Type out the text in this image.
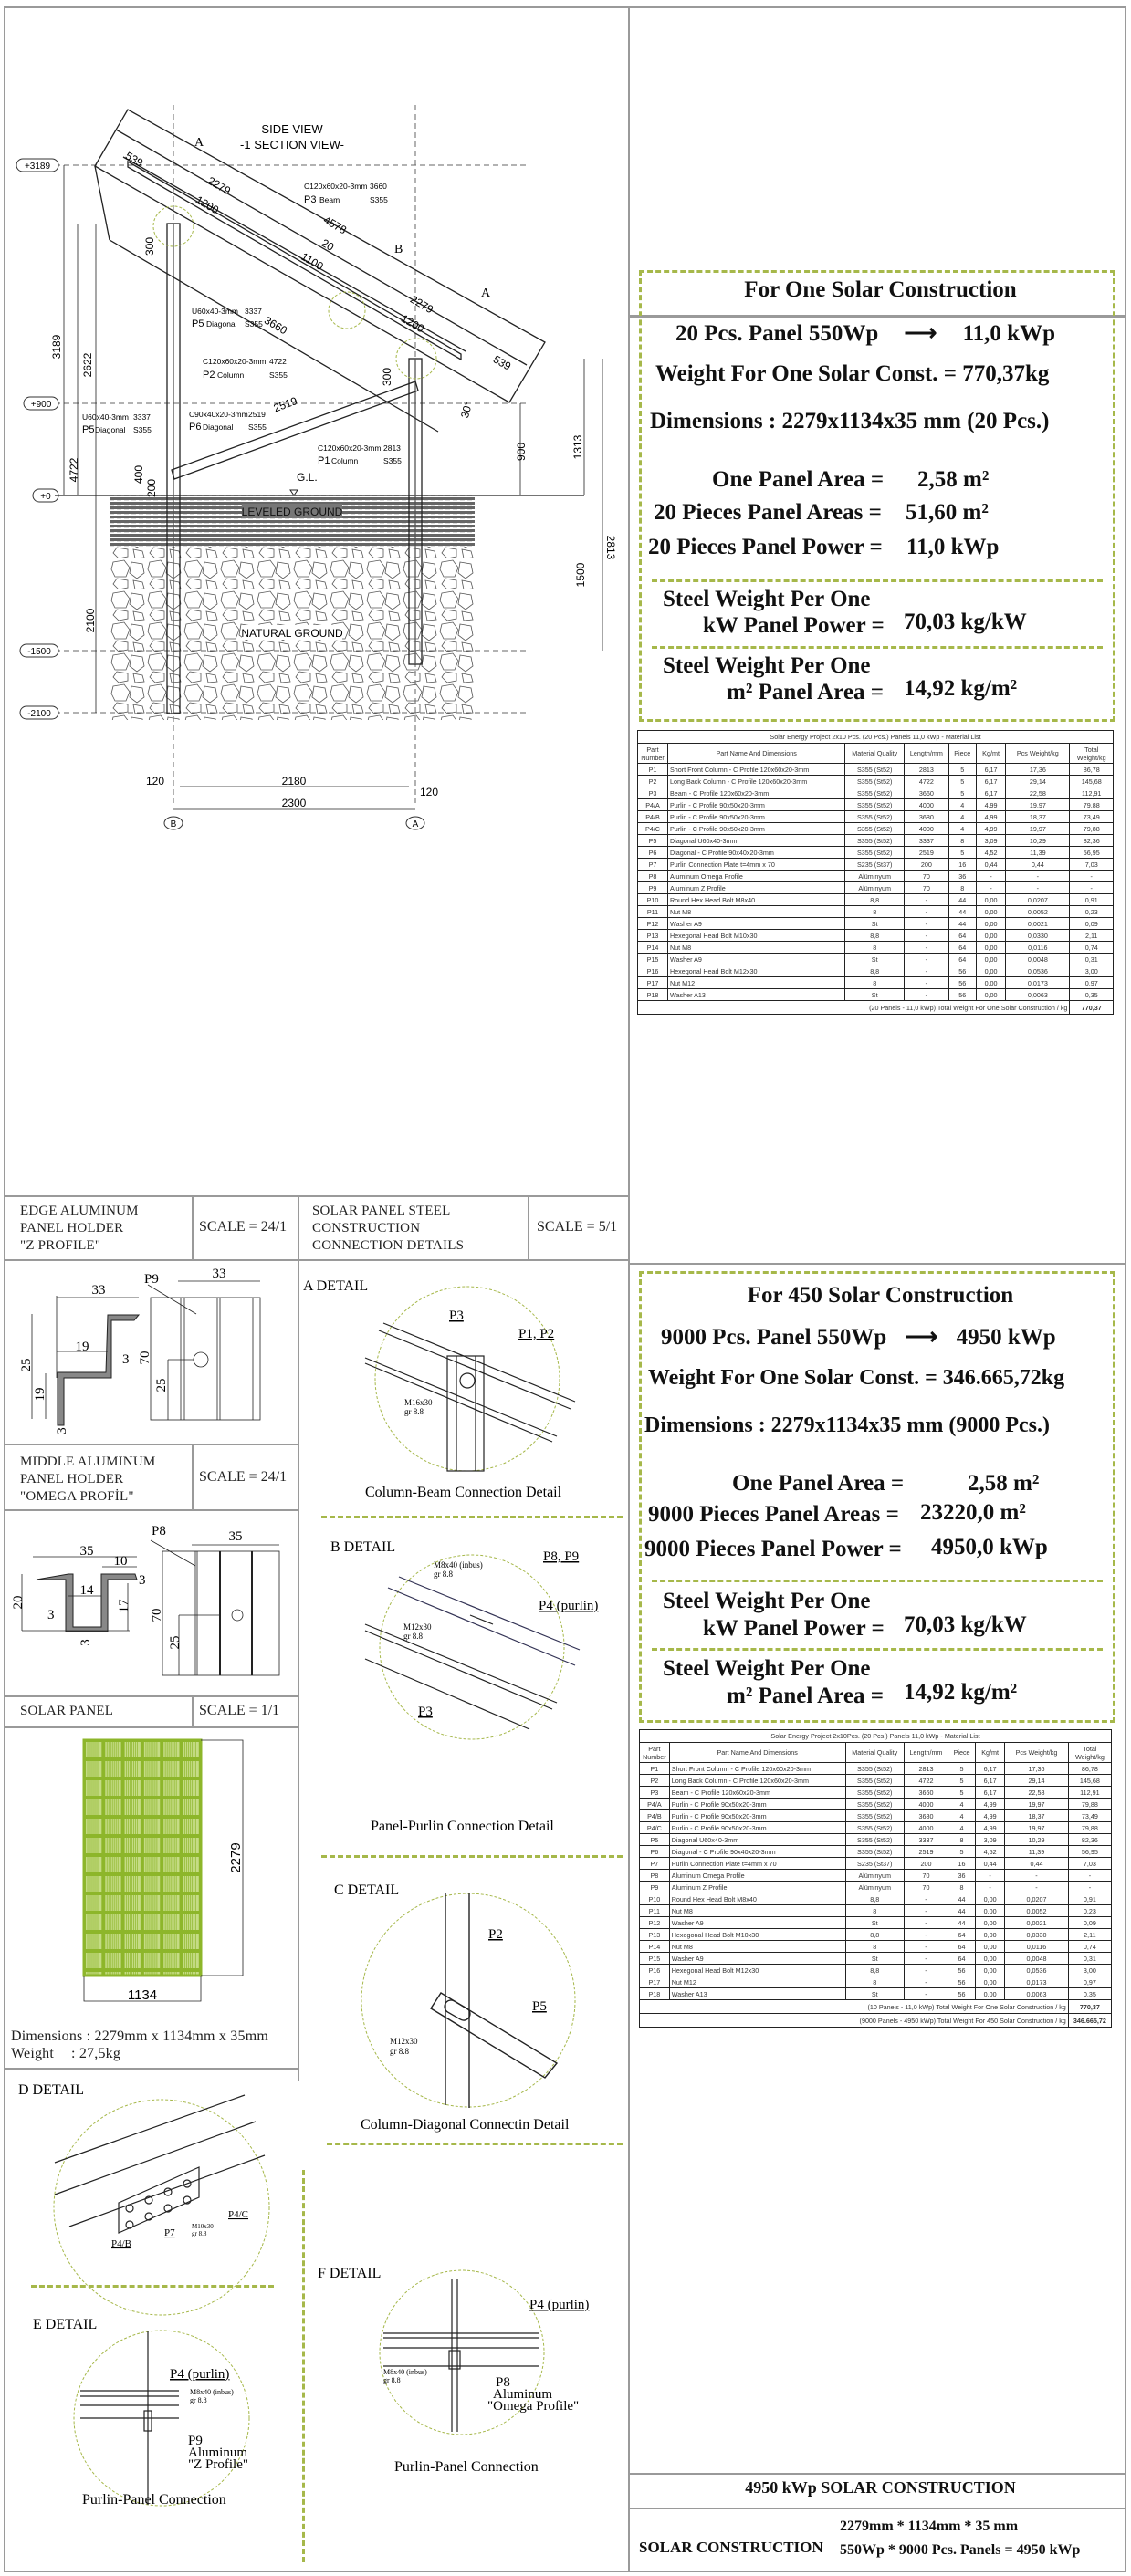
SIDE VIEW
-1 SECTION VIEW-
+3189
+900
+0
-1500
-2100
LEVELED GROUND
NATURAL GROUND
3189
2622
4722
2100
1313
900
2813
1500
30°
2279
1200
539
4578
20
1100
2279
1200
539
3660
2519
300
300
400
200
120	2180
120
2300
B	A
A
B
A
C120x60x20-3mm 3660
P3 Beam	S355
U60x40-3mm 3337
P5 Diagonal S355
C120x60x20-3mm 4722
P2 Column	S355
U60x40-3mm 3337
P5 Diagonal S355
C90x40x20-3mm 2519
P6 Diagonal S355
C120x60x20-3mm 2813
P1 Column	S355
G.L.
For One Solar Construction
20 Pcs. Panel 550Wp ⟶ 11,0 kWp
Weight For One Solar Const. = 770,37kg
Dimensions : 2279x1134x35 mm (20 Pcs.)
One Panel Area = 2,58 m²
20 Pieces Panel Areas = 51,60 m²
20 Pieces Panel Power = 11,0 kWp
Steel Weight Per One
kW Panel Power = 70,03 kg/kW
Steel Weight Per One
m² Panel Area = 14,92 kg/m²
Solar Energy Project 2x10 Pcs. (20 Pcs.) Panels 11,0 kWp - Material List							
Part Number	Part Name And Dimensions	Material Quality	Length/mm	Piece	Kg/mt	Pcs Weight/kg	Total Weight/kg
P1	Short Front Column - C Profile 120x60x20-3mm	S355 (St52)	2813	5	6,17	17,36	86,78
P2	Long Back Column - C Profile 120x60x20-3mm	S355 (St52)	4722	5	6,17	29,14	145,68
P3	Beam - C Profile 120x60x20-3mm	S355 (St52)	3660	5	6,17	22,58	112,91
P4/A	Purlin - C Profile 90x50x20-3mm	S355 (St52)	4000	4	4,99	19,97	79,88
P4/B	Purlin - C Profile 90x50x20-3mm	S355 (St52)	3680	4	4,99	18,37	73,49
P4/C	Purlin - C Profile 90x50x20-3mm	S355 (St52)	4000	4	4,99	19,97	79,88
P5	Diagonal U60x40-3mm	S355 (St52)	3337	8	3,09	10,29	82,36
P6	Diagonal - C Profile 90x40x20-3mm	S355 (St52)	2519	5	4,52	11,39	56,95
P7	Purlin Connection Plate t=4mm x 70	S235 (St37)	200	16	0,44	0,44	7,03
P8	Aluminum Omega Profile	Alüminyum	70	36	-	-	-
P9	Aluminum Z Profile	Alüminyum	70	8	-	-	-
P10	Round Hex Head Bolt M8x40	8,8	-	44	0,00	0,0207	0,91
P11	Nut M8	8	-	44	0,00	0,0052	0,23
P12	Washer A9	St	-	44	0,00	0,0021	0,09
P13	Hexegonal Head Bolt M10x30	8,8	-	64	0,00	0,0330	2,11
P14	Nut M8	8	-	64	0,00	0,0116	0,74
P15	Washer A9	St	-	64	0,00	0,0048	0,31
P16	Hexegonal Head Bolt M12x30	8,8	-	56	0,00	0,0536	3,00
P17	Nut M12	8	-	56	0,00	0,0173	0,97
P18	Washer A13	St	-	56	0,00	0,0063	0,35
(20 Panels - 11,0 kWp) Total Weight For One Solar Construction / kg							770,37
For 450 Solar Construction
9000 Pcs. Panel 550Wp ⟶ 4950 kWp
Weight For One Solar Const. = 346.665,72kg
Dimensions : 2279x1134x35 mm (9000 Pcs.)
One Panel Area =	2,58 m²
9000 Pieces Panel Areas = 23220,0 m²
9000 Pieces Panel Power = 4950,0 kWp
Steel Weight Per One
kW Panel Power = 70,03 kg/kW
Steel Weight Per One
m² Panel Area = 14,92 kg/m²
Solar Energy Project 2x10Pcs. (20 Pcs.) Panels 11,0 kWp - Material List							
Part Number	Part Name And Dimensions	Material Quality	Length/mm	Piece	Kg/mt	Pcs Weight/kg	Total Weight/kg
P1	Short Front Column - C Profile 120x60x20-3mm	S355 (St52)	2813	5	6,17	17,36	86,78
P2	Long Back Column - C Profile 120x60x20-3mm	S355 (St52)	4722	5	6,17	29,14	145,68
P3	Beam - C Profile 120x60x20-3mm	S355 (St52)	3660	5	6,17	22,58	112,91
P4/A	Purlin - C Profile 90x50x20-3mm	S355 (St52)	4000	4	4,99	19,97	79,88
P4/B	Purlin - C Profile 90x50x20-3mm	S355 (St52)	3680	4	4,99	18,37	73,49
P4/C	Purlin - C Profile 90x50x20-3mm	S355 (St52)	4000	4	4,99	19,97	79,88
P5	Diagonal U60x40-3mm	S355 (St52)	3337	8	3,09	10,29	82,36
P6	Diagonal - C Profile 90x40x20-3mm	S355 (St52)	2519	5	4,52	11,39	56,95
P7	Purlin Connection Plate t=4mm x 70	S235 (St37)	200	16	0,44	0,44	7,03
P8	Aluminum Omega Profile	Alüminyum	70	36	-	-	-
P9	Aluminum Z Profile	Alüminyum	70	8	-	-	-
P10	Round Hex Head Bolt M8x40	8,8	-	44	0,00	0,0207	0,91
P11	Nut M8	8	-	44	0,00	0,0052	0,23
P12	Washer A9	St	-	44	0,00	0,0021	0,09
P13	Hexegonal Head Bolt M10x30	8,8	-	64	0,00	0,0330	2,11
P14	Nut M8	8	-	64	0,00	0,0116	0,74
P15	Washer A9	St	-	64	0,00	0,0048	0,31
P16	Hexegonal Head Bolt M12x30	8,8	-	56	0,00	0,0536	3,00
P17	Nut M12	8	-	56	0,00	0,0173	0,97
P18	Washer A13	St	-	56	0,00	0,0063	0,35
(10 Panels - 11,0 kWp) Total Weight For One Solar Construction / kg							770,37
(9000 Panels - 4950 kWp) Total Weight For 450 Solar Construction / kg							346.665,72
4950 kWp SOLAR CONSTRUCTION
SOLAR CONSTRUCTION
2279mm * 1134mm * 35 mm
550Wp * 9000 Pcs. Panels = 4950 kWp
EDGE ALUMINUM
PANEL HOLDER
"Z PROFILE"
SCALE = 24/1
SOLAR PANEL STEEL
CONSTRUCTION
CONNECTION DETAILS
SCALE = 5/1
33
19
3
25
19
3
33
70
25
P9
MIDDLE ALUMINUM
PANEL HOLDER
"OMEGA PROFİL"
SCALE = 24/1
35
10
14
3
3
20	17
3
35
70
25
P8
SOLAR PANEL	SCALE = 1/1
1134
2279
Dimensions : 2279mm x 1134mm x 35mm
Weight : 27,5kg
A DETAIL
P3
P1, P2
M16x30
gr 8.8
Column-Beam Connection Detail
B DETAIL
P8, P9
P4 (purlin)
M8x40 (inbus)
gr 8.8
M12x30
gr 8.8
P3
Panel-Purlin Connection Detail
C DETAIL
P2
P5
M12x30
gr 8.8
Column-Diagonal Connectin Detail
D DETAIL
P4/C
P4/B
P7
M10x30
gr 8.8
E DETAIL
P4 (purlin)
M8x40 (inbus)
gr 8.8
P9
Aluminum
"Z Profile"
Purlin-Panel Connection
F DETAIL
P4 (purlin)
M8x40 (inbus)
gr 8.8	P8
Aluminum
"Omega Profile"
Purlin-Panel Connection
